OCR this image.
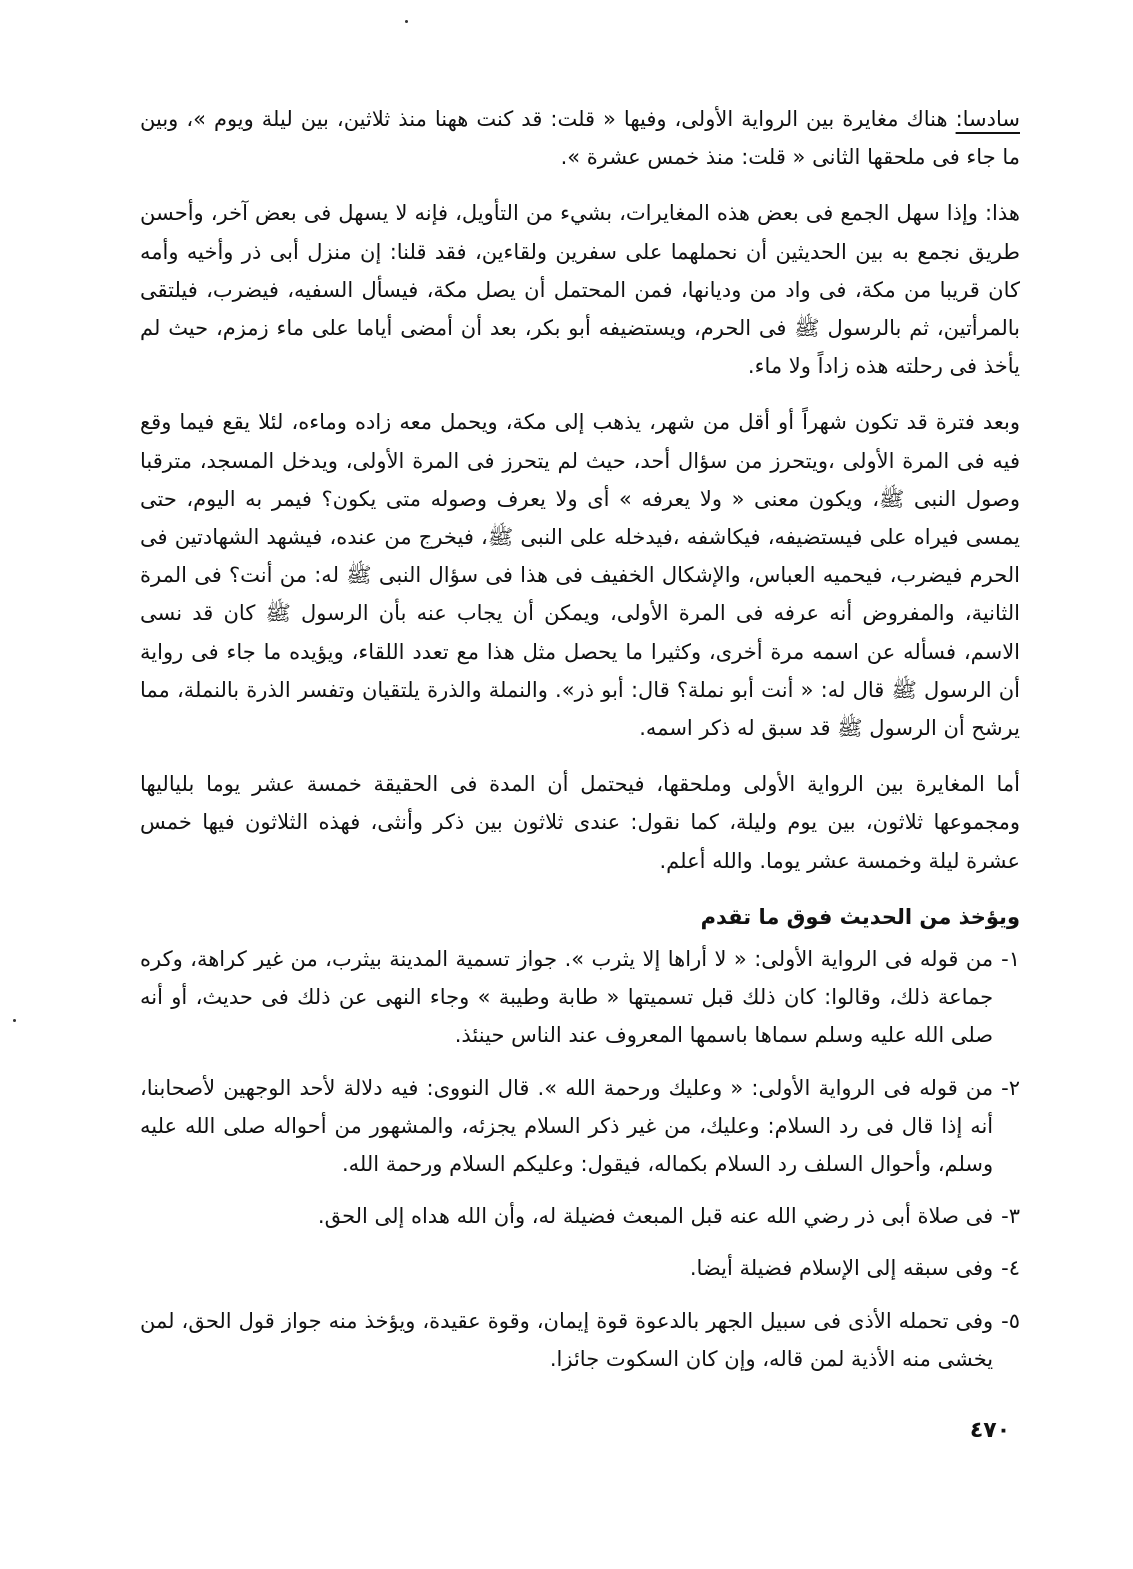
سادسا: هناك مغايرة بين الرواية الأولى، وفيها « قلت: قد كنت ههنا منذ ثلاثين، بين ليلة ويوم »، وبين ما جاء فى ملحقها الثانى « قلت: منذ خمس عشرة ».

هذا: وإذا سهل الجمع فى بعض هذه المغايرات، بشيء من التأويل، فإنه لا يسهل فى بعض آخر، وأحسن طريق نجمع به بين الحديثين أن نحملهما على سفرين ولقاءين، فقد قلنا: إن منزل أبى ذر وأخيه وأمه كان قريبا من مكة، فى واد من وديانها، فمن المحتمل أن يصل مكة، فيسأل السفيه، فيضرب، فيلتقى بالمرأتين، ثم بالرسول ﷺ فى الحرم، ويستضيفه أبو بكر، بعد أن أمضى أياما على ماء زمزم، حيث لم يأخذ فى رحلته هذه زاداً ولا ماء.

وبعد فترة قد تكون شهراً أو أقل من شهر، يذهب إلى مكة، ويحمل معه زاده وماءه، لئلا يقع فيما وقع فيه فى المرة الأولى ،ويتحرز من سؤال أحد، حيث لم يتحرز فى المرة الأولى، ويدخل المسجد، مترقبا وصول النبى ﷺ، ويكون معنى « ولا يعرفه » أى ولا يعرف وصوله متى يكون؟ فيمر به اليوم، حتى يمسى فيراه على فيستضيفه، فيكاشفه ،فيدخله على النبى ﷺ، فيخرج من عنده، فيشهد الشهادتين فى الحرم فيضرب، فيحميه العباس، والإشكال الخفيف فى هذا فى سؤال النبى ﷺ له: من أنت؟ فى المرة الثانية، والمفروض أنه عرفه فى المرة الأولى، ويمكن أن يجاب عنه بأن الرسول ﷺ كان قد نسى الاسم، فسأله عن اسمه مرة أخرى، وكثيرا ما يحصل مثل هذا مع تعدد اللقاء، ويؤيده ما جاء فى رواية أن الرسول ﷺ قال له: « أنت أبو نملة؟ قال: أبو ذر». والنملة والذرة يلتقيان وتفسر الذرة بالنملة، مما يرشح أن الرسول ﷺ قد سبق له ذكر اسمه.

أما المغايرة بين الرواية الأولى وملحقها، فيحتمل أن المدة فى الحقيقة خمسة عشر يوما بلياليها ومجموعها ثلاثون، بين يوم وليلة، كما نقول: عندى ثلاثون بين ذكر وأنثى، فهذه الثلاثون فيها خمس عشرة ليلة وخمسة عشر يوما. والله أعلم.

ويؤخذ من الحديث فوق ما تقدم

١-
من قوله فى الرواية الأولى: « لا أراها إلا يثرب ». جواز تسمية المدينة بيثرب، من غير كراهة، وكره جماعة ذلك، وقالوا: كان ذلك قبل تسميتها « طابة وطيبة » وجاء النهى عن ذلك فى حديث، أو أنه صلى الله عليه وسلم سماها باسمها المعروف عند الناس حينئذ.
٢-
من قوله فى الرواية الأولى: « وعليك ورحمة الله ». قال النووى: فيه دلالة لأحد الوجهين لأصحابنا، أنه إذا قال فى رد السلام: وعليك، من غير ذكر السلام يجزئه، والمشهور من أحواله صلى الله عليه وسلم، وأحوال السلف رد السلام بكماله، فيقول: وعليكم السلام ورحمة الله.
٣-
فى صلاة أبى ذر رضي الله عنه قبل المبعث فضيلة له، وأن الله هداه إلى الحق.
٤-
وفى سبقه إلى الإسلام فضيلة أيضا.
٥-
وفى تحمله الأذى فى سبيل الجهر بالدعوة قوة إيمان، وقوة عقيدة، ويؤخذ منه جواز قول الحق، لمن يخشى منه الأذية لمن قاله، وإن كان السكوت جائزا.
٤٧٠
